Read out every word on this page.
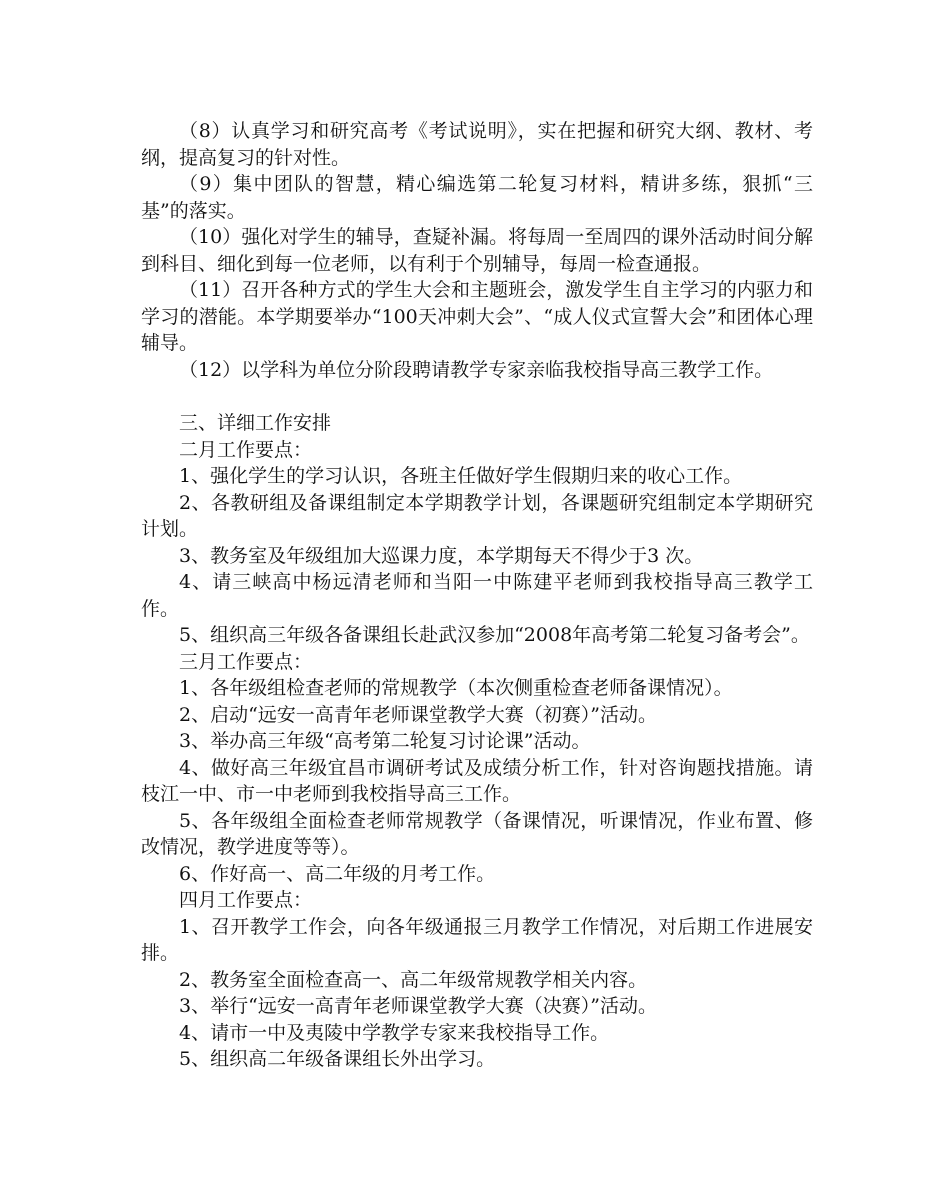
（8）认真学习和研究高考《考试说明》，实在把握和研究大纲、教材、考纲，提高复习的针对性。

（9）集中团队的智慧，精心编选第二轮复习材料，精讲多练，狠抓“三基”的落实。

（10）强化对学生的辅导，查疑补漏。将每周一至周四的课外活动时间分解到科目、细化到每一位老师，以有利于个别辅导，每周一检查通报。

（11）召开各种方式的学生大会和主题班会，激发学生自主学习的内驱力和学习的潜能。本学期要举办“100天冲刺大会”、“成人仪式宣誓大会”和团体心理辅导。

（12）以学科为单位分阶段聘请教学专家亲临我校指导高三教学工作。

三、详细工作安排

二月工作要点：

1、强化学生的学习认识，各班主任做好学生假期归来的收心工作。

2、各教研组及备课组制定本学期教学计划，各课题研究组制定本学期研究计划。

3、教务室及年级组加大巡课力度，本学期每天不得少于3 次。

4、请三峡高中杨远清老师和当阳一中陈建平老师到我校指导高三教学工作。

5、组织高三年级各备课组长赴武汉参加“2008年高考第二轮复习备考会”。

三月工作要点：

1、各年级组检查老师的常规教学（本次侧重检查老师备课情况）。

2、启动“远安一高青年老师课堂教学大赛（初赛）”活动。

3、举办高三年级“高考第二轮复习讨论课”活动。

4、做好高三年级宜昌市调研考试及成绩分析工作，针对咨询题找措施。请枝江一中、市一中老师到我校指导高三工作。

5、各年级组全面检查老师常规教学（备课情况，听课情况，作业布置、修改情况，教学进度等等）。

6、作好高一、高二年级的月考工作。

四月工作要点：

1、召开教学工作会，向各年级通报三月教学工作情况，对后期工作进展安排。

2、教务室全面检查高一、高二年级常规教学相关内容。

3、举行“远安一高青年老师课堂教学大赛（决赛）”活动。

4、请市一中及夷陵中学教学专家来我校指导工作。

5、组织高二年级备课组长外出学习。
